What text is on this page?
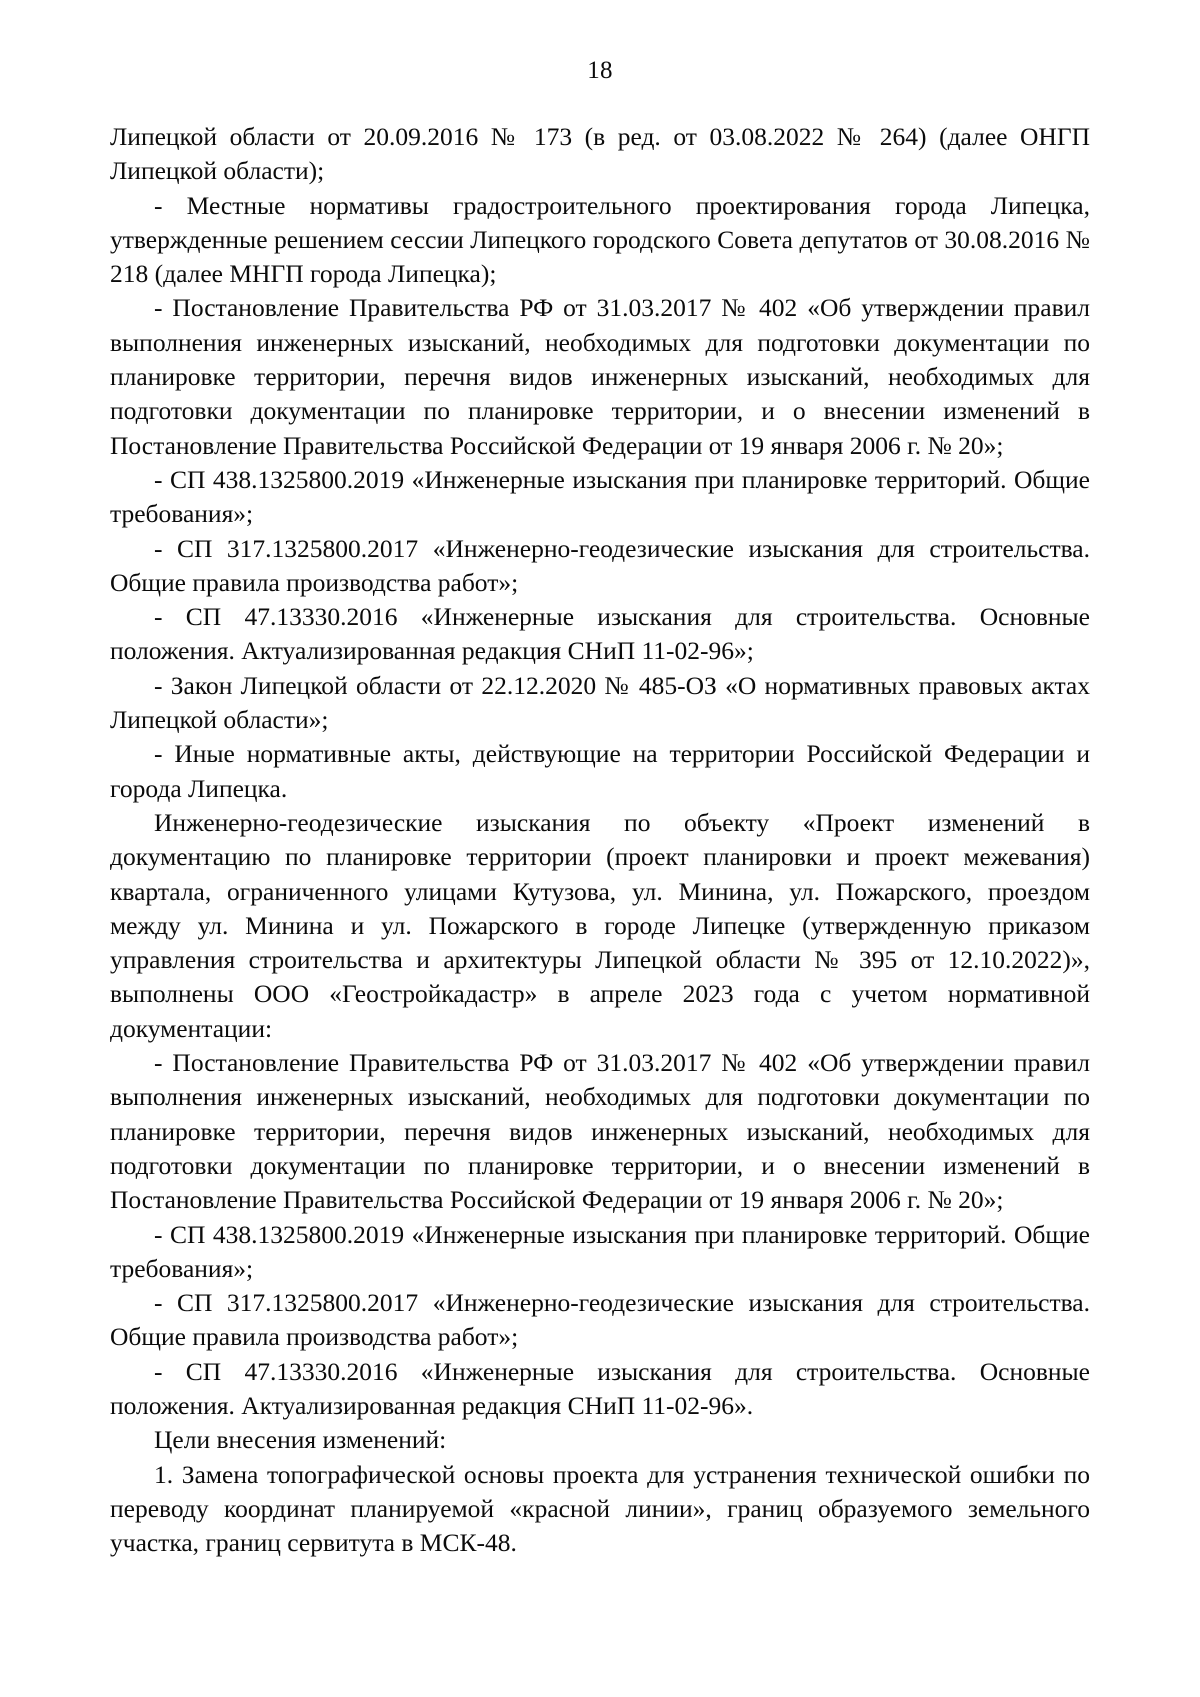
18

Липецкой области от 20.09.2016 № 173 (в ред. от 03.08.2022 № 264) (далее ОНГП Липецкой области);

- Местные нормативы градостроительного проектирования города Липецка, утвержденные решением сессии Липецкого городского Совета депутатов от 30.08.2016 № 218 (далее МНГП города Липецка);

- Постановление Правительства РФ от 31.03.2017 № 402 «Об утверждении правил выполнения инженерных изысканий, необходимых для подготовки документации по планировке территории, перечня видов инженерных изысканий, необходимых для подготовки документации по планировке территории, и о внесении изменений в Постановление Правительства Российской Федерации от 19 января 2006 г. № 20»;

- СП 438.1325800.2019 «Инженерные изыскания при планировке территорий. Общие требования»;

- СП 317.1325800.2017 «Инженерно-геодезические изыскания для строительства. Общие правила производства работ»;

- СП 47.13330.2016 «Инженерные изыскания для строительства. Основные положения. Актуализированная редакция СНиП 11-02-96»;

- Закон Липецкой области от 22.12.2020 № 485-ОЗ «О нормативных правовых актах Липецкой области»;

- Иные нормативные акты, действующие на территории Российской Федерации и города Липецка.

Инженерно-геодезические изыскания по объекту «Проект изменений в документацию по планировке территории (проект планировки и проект межевания) квартала, ограниченного улицами Кутузова, ул. Минина, ул. Пожарского, проездом между ул. Минина и ул. Пожарского в городе Липецке (утвержденную приказом управления строительства и архитектуры Липецкой области № 395 от 12.10.2022)», выполнены ООО «Геостройкадастр» в апреле 2023 года с учетом нормативной документации:

- Постановление Правительства РФ от 31.03.2017 № 402 «Об утверждении правил выполнения инженерных изысканий, необходимых для подготовки документации по планировке территории, перечня видов инженерных изысканий, необходимых для подготовки документации по планировке территории, и о внесении изменений в Постановление Правительства Российской Федерации от 19 января 2006 г. № 20»;

- СП 438.1325800.2019 «Инженерные изыскания при планировке территорий. Общие требования»;

- СП 317.1325800.2017 «Инженерно-геодезические изыскания для строительства. Общие правила производства работ»;

- СП 47.13330.2016 «Инженерные изыскания для строительства. Основные положения. Актуализированная редакция СНиП 11-02-96».

Цели внесения изменений:

1. Замена топографической основы проекта для устранения технической ошибки по переводу координат планируемой «красной линии», границ образуемого земельного участка, границ сервитута в МСК-48.
